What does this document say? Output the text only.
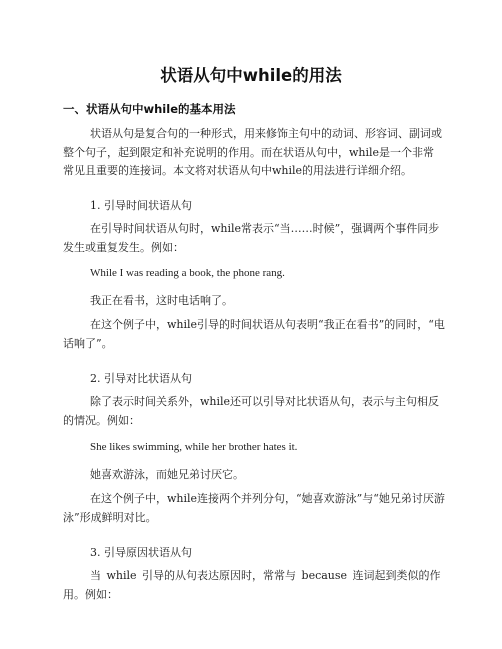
状语从句中while的用法
一、状语从句中while的基本用法
状语从句是复合句的一种形式，用来修饰主句中的动词、形容词、副词或整个句子，起到限定和补充说明的作用。而在状语从句中，while是一个非常常见且重要的连接词。本文将对状语从句中while的用法进行详细介绍。
1. 引导时间状语从句
在引导时间状语从句时，while常表示“当……时候”，强调两个事件同步发生或重复发生。例如：
While I was reading a book, the phone rang.
我正在看书，这时电话响了。
在这个例子中，while引导的时间状语从句表明“我正在看书”的同时，“电话响了”。
2. 引导对比状语从句
除了表示时间关系外，while还可以引导对比状语从句，表示与主句相反的情况。例如：
She likes swimming, while her brother hates it.
她喜欢游泳，而她兄弟讨厌它。
在这个例子中，while连接两个并列分句，“她喜欢游泳”与“她兄弟讨厌游泳”形成鲜明对比。
3. 引导原因状语从句
当 while 引导的从句表达原因时，常常与 because 连词起到类似的作用。例如：
